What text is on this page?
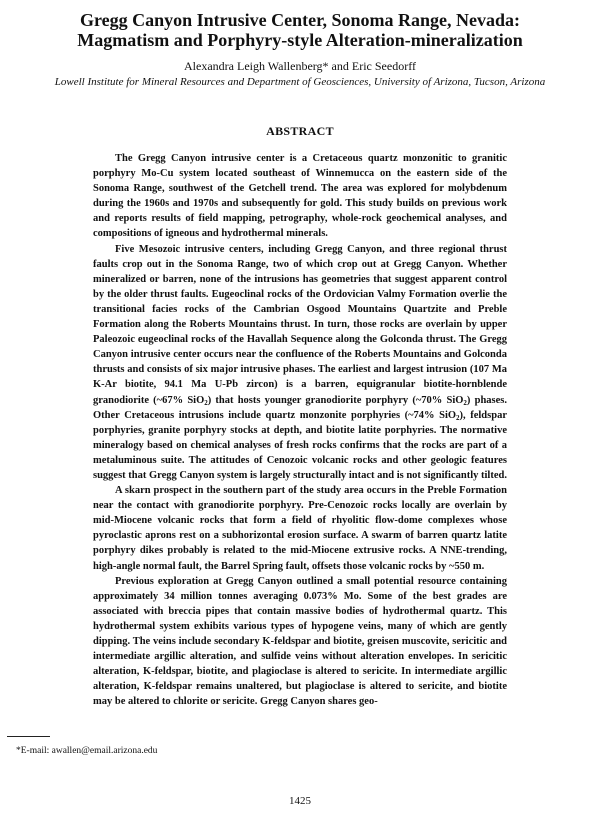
Gregg Canyon Intrusive Center, Sonoma Range, Nevada:
Magmatism and Porphyry-style Alteration-mineralization
Alexandra Leigh Wallenberg* and Eric Seedorff
Lowell Institute for Mineral Resources and Department of Geosciences, University of Arizona, Tucson, Arizona
ABSTRACT

The Gregg Canyon intrusive center is a Cretaceous quartz monzonitic to granitic porphyry Mo-Cu system located southeast of Winnemucca on the eastern side of the Sonoma Range, southwest of the Getchell trend. The area was explored for molybdenum during the 1960s and 1970s and subsequently for gold. This study builds on previous work and reports results of field mapping, petrography, whole-rock geochemical analyses, and compositions of igneous and hydrothermal minerals.

Five Mesozoic intrusive centers, including Gregg Canyon, and three regional thrust faults crop out in the Sonoma Range, two of which crop out at Gregg Canyon. Whether mineralized or barren, none of the intrusions has geometries that suggest apparent control by the older thrust faults. Eugeoclinal rocks of the Ordovician Valmy Formation overlie the transitional facies rocks of the Cambrian Osgood Mountains Quartzite and Preble Formation along the Roberts Mountains thrust. In turn, those rocks are overlain by upper Paleozoic eugeoclinal rocks of the Havallah Sequence along the Golconda thrust. The Gregg Canyon intrusive center occurs near the confluence of the Roberts Mountains and Golconda thrusts and consists of six major intrusive phases. The earliest and largest intrusion (107 Ma K-Ar biotite, 94.1 Ma U-Pb zircon) is a barren, equigranular biotite-hornblende granodiorite (~67% SiO$_2$) that hosts younger granodiorite porphyry (~70% SiO$_2$) phases. Other Cretaceous intrusions include quartz monzonite porphyries (~74% SiO$_2$), feldspar porphyries, granite porphyry stocks at depth, and biotite latite porphyries. The normative mineralogy based on chemical analyses of fresh rocks confirms that the rocks are part of a metaluminous suite. The attitudes of Cenozoic volcanic rocks and other geologic features suggest that Gregg Canyon system is largely structurally intact and is not significantly tilted.

A skarn prospect in the southern part of the study area occurs in the Preble Formation near the contact with granodiorite porphyry. Pre-Cenozoic rocks locally are overlain by mid-Miocene volcanic rocks that form a field of rhyolitic flow-dome complexes whose pyroclastic aprons rest on a subhorizontal erosion surface. A swarm of barren quartz latite porphyry dikes probably is related to the mid-Miocene extrusive rocks. A NNE-trending, high-angle normal fault, the Barrel Spring fault, offsets those volcanic rocks by ~550 m.

Previous exploration at Gregg Canyon outlined a small potential resource containing approximately 34 million tonnes averaging 0.073% Mo. Some of the best grades are associated with breccia pipes that contain massive bodies of hydrothermal quartz. This hydrothermal system exhibits various types of hypogene veins, many of which are gently dipping. The veins include secondary K-feldspar and biotite, greisen muscovite, sericitic and intermediate argillic alteration, and sulfide veins without alteration envelopes. In sericitic alteration, K-feldspar, biotite, and plagioclase is altered to sericite. In intermediate argillic alteration, K-feldspar remains unaltered, but plagioclase is altered to sericite, and biotite may be altered to chlorite or sericite. Gregg Canyon shares geo-

*E-mail: awallen@email.arizona.edu
1425
